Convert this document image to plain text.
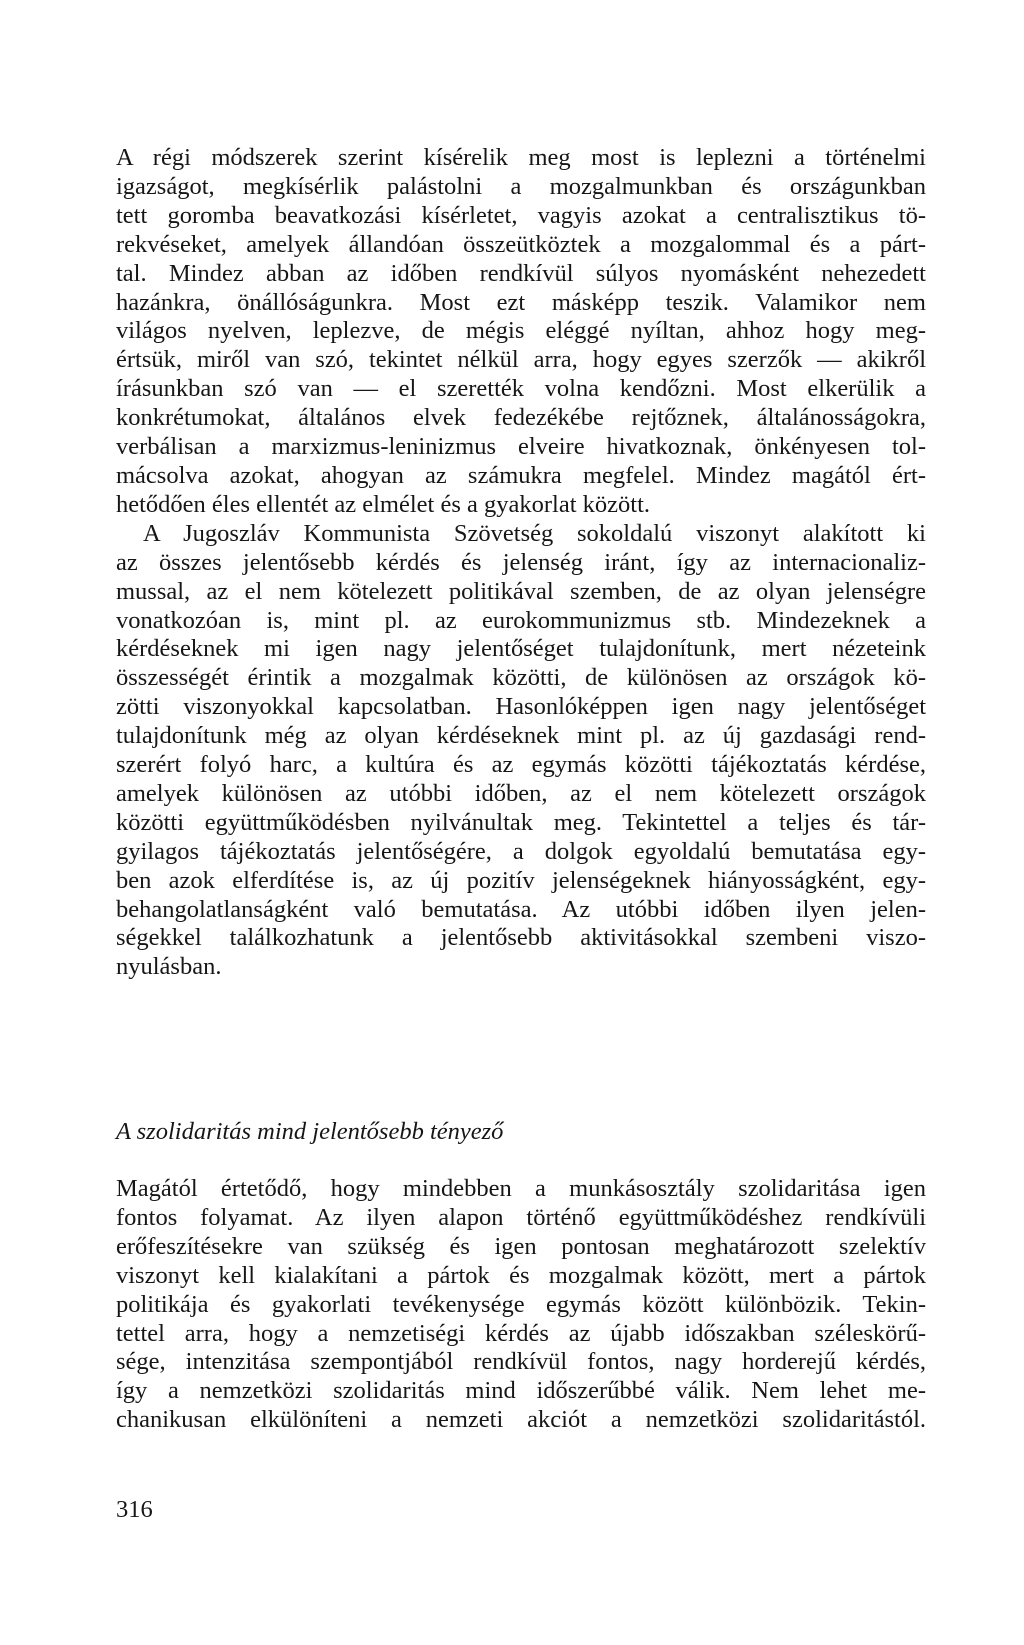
A régi módszerek szerint kísérelik meg most is leplezni a történelmi
igazságot, megkísérlik palástolni a mozgalmunkban és országunkban
tett goromba beavatkozási kísérletet, vagyis azokat a centralisztikus tö-
rekvéseket, amelyek állandóan összeütköztek a mozgalommal és a párt-
tal. Mindez abban az időben rendkívül súlyos nyomásként nehezedett
hazánkra, önállóságunkra. Most ezt másképp teszik. Valamikor nem
világos nyelven, leplezve, de mégis eléggé nyíltan, ahhoz hogy meg-
értsük, miről van szó, tekintet nélkül arra, hogy egyes szerzők — akikről
írásunkban szó van — el szerették volna kendőzni. Most elkerülik a
konkrétumokat, általános elvek fedezékébe rejtőznek, általánosságokra,
verbálisan a marxizmus-leninizmus elveire hivatkoznak, önkényesen tol-
mácsolva azokat, ahogyan az számukra megfelel. Mindez magától ért-
hetődően éles ellentét az elmélet és a gyakorlat között.
A Jugoszláv Kommunista Szövetség sokoldalú viszonyt alakított ki
az összes jelentősebb kérdés és jelenség iránt, így az internacionaliz-
mussal, az el nem kötelezett politikával szemben, de az olyan jelenségre
vonatkozóan is, mint pl. az eurokommunizmus stb. Mindezeknek a
kérdéseknek mi igen nagy jelentőséget tulajdonítunk, mert nézeteink
összességét érintik a mozgalmak közötti, de különösen az országok kö-
zötti viszonyokkal kapcsolatban. Hasonlóképpen igen nagy jelentőséget
tulajdonítunk még az olyan kérdéseknek mint pl. az új gazdasági rend-
szerért folyó harc, a kultúra és az egymás közötti tájékoztatás kérdése,
amelyek különösen az utóbbi időben, az el nem kötelezett országok
közötti együttműködésben nyilvánultak meg. Tekintettel a teljes és tár-
gyilagos tájékoztatás jelentőségére, a dolgok egyoldalú bemutatása egy-
ben azok elferdítése is, az új pozitív jelenségeknek hiányosságként, egy-
behangolatlanságként való bemutatása. Az utóbbi időben ilyen jelen-
ségekkel találkozhatunk a jelentősebb aktivitásokkal szembeni viszo-
nyulásban.
A szolidaritás mind jelentősebb tényező
Magától értetődő, hogy mindebben a munkásosztály szolidaritása igen
fontos folyamat. Az ilyen alapon történő együttműködéshez rendkívüli
erőfeszítésekre van szükség és igen pontosan meghatározott szelektív
viszonyt kell kialakítani a pártok és mozgalmak között, mert a pártok
politikája és gyakorlati tevékenysége egymás között különbözik. Tekin-
tettel arra, hogy a nemzetiségi kérdés az újabb időszakban széleskörű-
sége, intenzitása szempontjából rendkívül fontos, nagy horderejű kérdés,
így a nemzetközi szolidaritás mind időszerűbbé válik. Nem lehet me-
chanikusan elkülöníteni a nemzeti akciót a nemzetközi szolidaritástól.
316
